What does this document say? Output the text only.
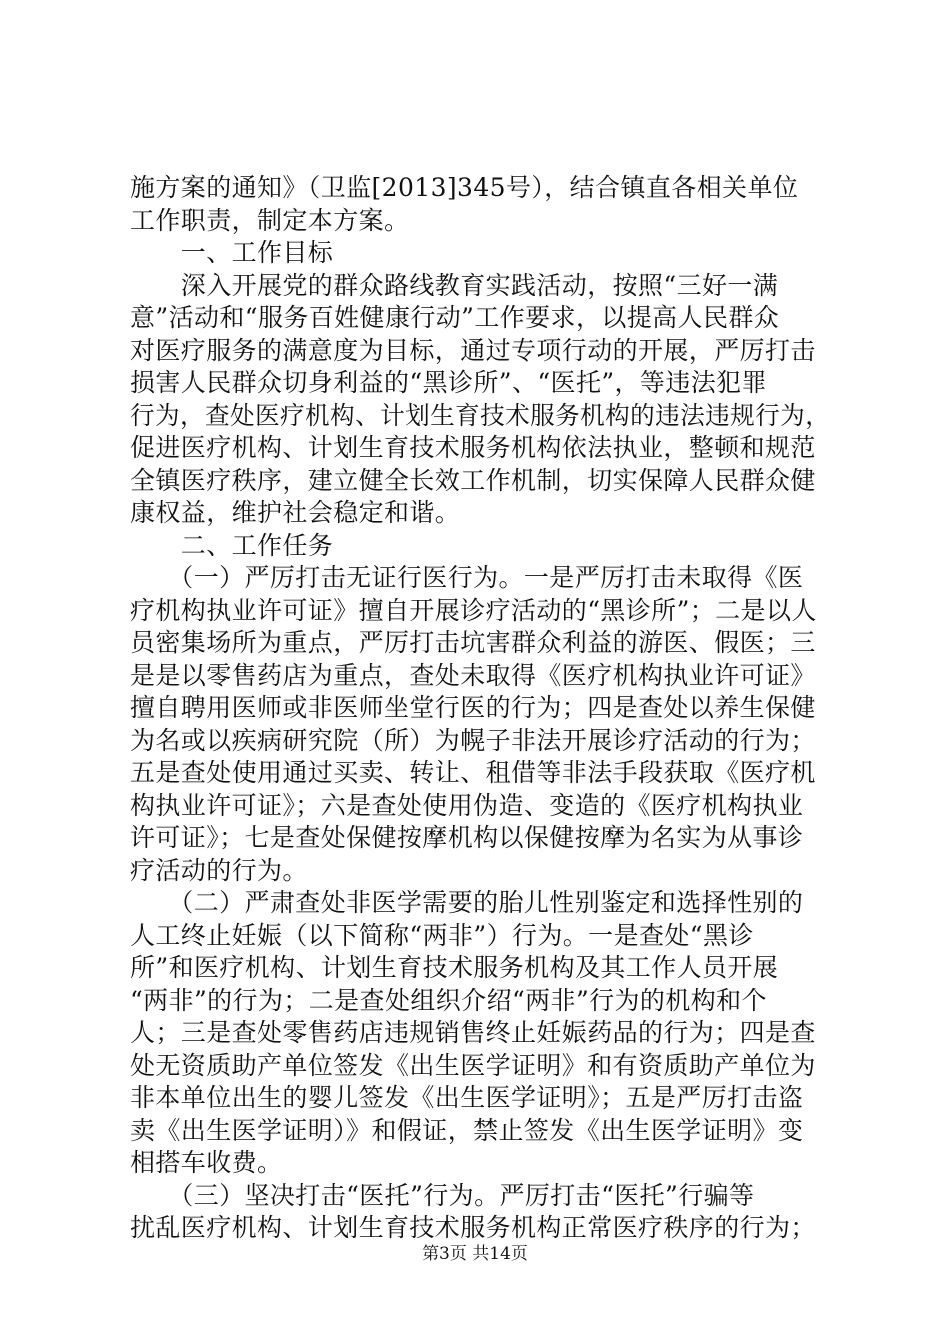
施方案的通知》（卫监[2013]345号），结合镇直各相关单位
工作职责，制定本方案。
　　一、工作目标
　　深入开展党的群众路线教育实践活动，按照“三好一满
意”活动和“服务百姓健康行动”工作要求，以提高人民群众
对医疗服务的满意度为目标，通过专项行动的开展，严厉打击
损害人民群众切身利益的“黑诊所”、“医托”，等违法犯罪
行为，查处医疗机构、计划生育技术服务机构的违法违规行为，
促进医疗机构、计划生育技术服务机构依法执业，整顿和规范
全镇医疗秩序，建立健全长效工作机制，切实保障人民群众健
康权益，维护社会稳定和谐。
　　二、工作任务
　　（一）严厉打击无证行医行为。一是严厉打击未取得《医
疗机构执业许可证》擅自开展诊疗活动的“黑诊所”；二是以人
员密集场所为重点，严厉打击坑害群众利益的游医、假医；三
是是以零售药店为重点，查处未取得《医疗机构执业许可证》
擅自聘用医师或非医师坐堂行医的行为；四是查处以养生保健
为名或以疾病研究院（所）为幌子非法开展诊疗活动的行为；
五是查处使用通过买卖、转让、租借等非法手段获取《医疗机
构执业许可证》；六是查处使用伪造、变造的《医疗机构执业
许可证》；七是查处保健按摩机构以保健按摩为名实为从事诊
疗活动的行为。
　　（二）严肃查处非医学需要的胎儿性别鉴定和选择性别的
人工终止妊娠（以下简称“两非”）行为。一是查处“黑诊
所”和医疗机构、计划生育技术服务机构及其工作人员开展
“两非”的行为；二是查处组织介绍“两非”行为的机构和个
人；三是查处零售药店违规销售终止妊娠药品的行为；四是查
处无资质助产单位签发《出生医学证明》和有资质助产单位为
非本单位出生的婴儿签发《出生医学证明》；五是严厉打击盗
卖《出生医学证明）》和假证，禁止签发《出生医学证明》变
相搭车收费。
　　（三）坚决打击“医托”行为。严厉打击“医托”行骗等
扰乱医疗机构、计划生育技术服务机构正常医疗秩序的行为；
第3页 共14页
